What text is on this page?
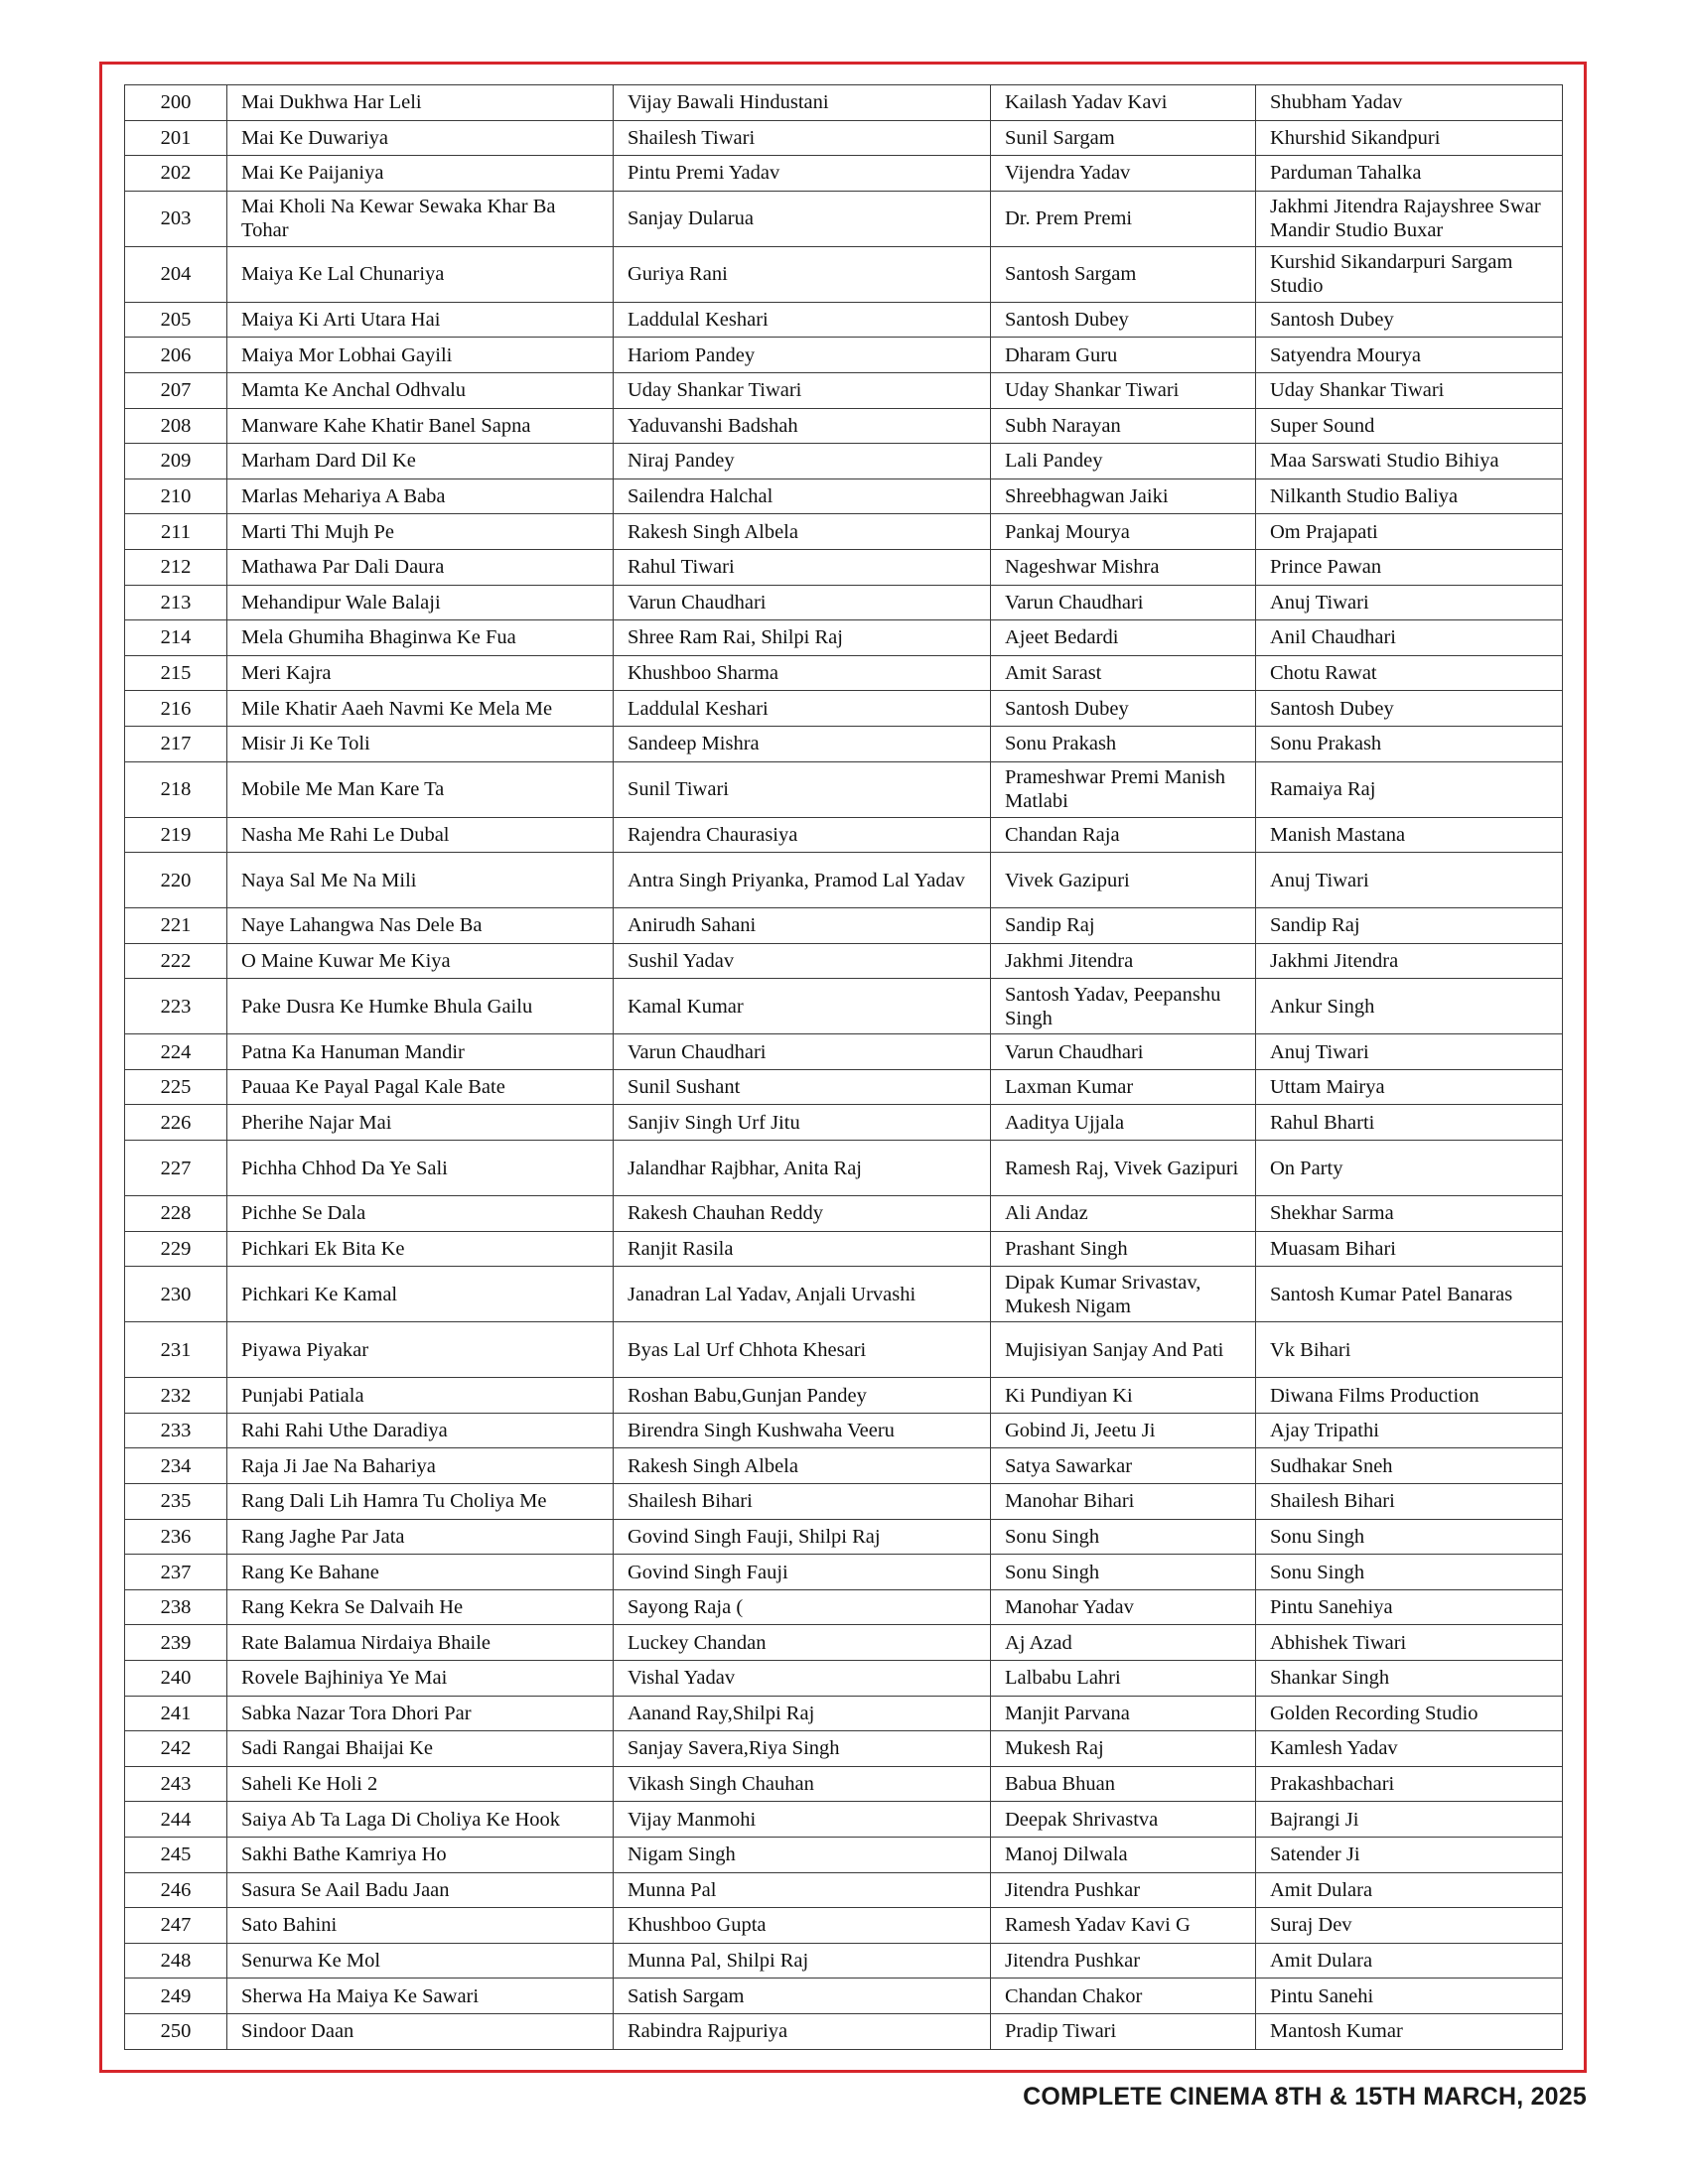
200	Mai Dukhwa Har Leli	Vijay Bawali Hindustani	Kailash Yadav Kavi	Shubham Yadav
201	Mai Ke Duwariya	Shailesh Tiwari	Sunil Sargam	Khurshid Sikandpuri
202	Mai Ke Paijaniya	Pintu Premi Yadav	Vijendra Yadav	Parduman Tahalka
203	Mai Kholi Na Kewar Sewaka Khar Ba Tohar	Sanjay Dularua	Dr. Prem Premi	Jakhmi Jitendra Rajayshree Swar Mandir Studio Buxar
204	Maiya Ke Lal Chunariya	Guriya Rani	Santosh Sargam	Kurshid Sikandarpuri Sargam Studio
205	Maiya Ki Arti Utara Hai	Laddulal Keshari	Santosh Dubey	Santosh Dubey
206	Maiya Mor Lobhai Gayili	Hariom Pandey	Dharam Guru	Satyendra Mourya
207	Mamta Ke Anchal Odhvalu	Uday Shankar Tiwari	Uday Shankar Tiwari	Uday Shankar Tiwari
208	Manware Kahe Khatir Banel Sapna	Yaduvanshi Badshah	Subh Narayan	Super Sound
209	Marham Dard Dil Ke	Niraj Pandey	Lali Pandey	Maa Sarswati Studio Bihiya
210	Marlas Mehariya A Baba	Sailendra Halchal	Shreebhagwan Jaiki	Nilkanth Studio Baliya
211	Marti Thi Mujh Pe	Rakesh Singh Albela	Pankaj Mourya	Om Prajapati
212	Mathawa Par Dali Daura	Rahul Tiwari	Nageshwar Mishra	Prince Pawan
213	Mehandipur Wale Balaji	Varun Chaudhari	Varun Chaudhari	Anuj Tiwari
214	Mela Ghumiha Bhaginwa Ke Fua	Shree Ram Rai, Shilpi Raj	Ajeet Bedardi	Anil Chaudhari
215	Meri Kajra	Khushboo Sharma	Amit Sarast	Chotu Rawat
216	Mile Khatir Aaeh Navmi Ke Mela Me	Laddulal Keshari	Santosh Dubey	Santosh Dubey
217	Misir Ji Ke Toli	Sandeep Mishra	Sonu Prakash	Sonu Prakash
218	Mobile Me Man Kare Ta	Sunil Tiwari	Prameshwar Premi Manish Matlabi	Ramaiya Raj
219	Nasha Me Rahi Le Dubal	Rajendra Chaurasiya	Chandan Raja	Manish Mastana
220	Naya Sal Me Na Mili	Antra Singh Priyanka, Pramod Lal Yadav	Vivek Gazipuri	Anuj Tiwari
221	Naye Lahangwa Nas Dele Ba	Anirudh Sahani	Sandip Raj	Sandip Raj
222	O Maine Kuwar Me Kiya	Sushil Yadav	Jakhmi Jitendra	Jakhmi Jitendra
223	Pake Dusra Ke Humke Bhula Gailu	Kamal Kumar	Santosh Yadav, Peepanshu Singh	Ankur Singh
224	Patna Ka Hanuman Mandir	Varun Chaudhari	Varun Chaudhari	Anuj Tiwari
225	Pauaa Ke Payal Pagal Kale Bate	Sunil Sushant	Laxman Kumar	Uttam Mairya
226	Pherihe Najar Mai	Sanjiv Singh Urf Jitu	Aaditya Ujjala	Rahul Bharti
227	Pichha Chhod Da Ye Sali	Jalandhar Rajbhar, Anita Raj	Ramesh Raj, Vivek Gazipuri	On Party
228	Pichhe Se Dala	Rakesh Chauhan Reddy	Ali Andaz	Shekhar Sarma
229	Pichkari Ek Bita Ke	Ranjit Rasila	Prashant Singh	Muasam Bihari
230	Pichkari Ke Kamal	Janadran Lal Yadav, Anjali Urvashi	Dipak Kumar Srivastav, Mukesh Nigam	Santosh Kumar Patel Banaras
231	Piyawa Piyakar	Byas Lal Urf Chhota Khesari	Mujisiyan Sanjay And Pati	Vk Bihari
232	Punjabi Patiala	Roshan Babu,Gunjan Pandey	Ki Pundiyan Ki	Diwana Films Production
233	Rahi Rahi Uthe Daradiya	Birendra Singh Kushwaha Veeru	Gobind Ji, Jeetu Ji	Ajay Tripathi
234	Raja Ji Jae Na Bahariya	Rakesh Singh Albela	Satya Sawarkar	Sudhakar Sneh
235	Rang Dali Lih Hamra Tu Choliya Me	Shailesh Bihari	Manohar Bihari	Shailesh Bihari
236	Rang Jaghe Par Jata	Govind Singh Fauji, Shilpi Raj	Sonu Singh	Sonu Singh
237	Rang Ke Bahane	Govind Singh Fauji	Sonu Singh	Sonu Singh
238	Rang Kekra Se Dalvaih He	Sayong Raja (	Manohar Yadav	Pintu Sanehiya
239	Rate Balamua Nirdaiya Bhaile	Luckey Chandan	Aj Azad	Abhishek Tiwari
240	Rovele Bajhiniya Ye Mai	Vishal Yadav	Lalbabu Lahri	Shankar Singh
241	Sabka Nazar Tora Dhori Par	Aanand Ray,Shilpi Raj	Manjit Parvana	Golden Recording Studio
242	Sadi Rangai Bhaijai Ke	Sanjay Savera,Riya Singh	Mukesh Raj	Kamlesh Yadav
243	Saheli Ke Holi 2	Vikash Singh Chauhan	Babua Bhuan	Prakashbachari
244	Saiya Ab Ta Laga Di Choliya Ke Hook	Vijay Manmohi	Deepak Shrivastva	Bajrangi Ji
245	Sakhi Bathe Kamriya Ho	Nigam Singh	Manoj Dilwala	Satender Ji
246	Sasura Se Aail Badu Jaan	Munna Pal	Jitendra Pushkar	Amit Dulara
247	Sato Bahini	Khushboo Gupta	Ramesh Yadav Kavi G	Suraj Dev
248	Senurwa Ke Mol	Munna Pal, Shilpi Raj	Jitendra Pushkar	Amit Dulara
249	Sherwa Ha Maiya Ke Sawari	Satish Sargam	Chandan Chakor	Pintu Sanehi
250	Sindoor Daan	Rabindra Rajpuriya	Pradip Tiwari	Mantosh Kumar
COMPLETE CINEMA 8TH & 15TH MARCH, 2025
